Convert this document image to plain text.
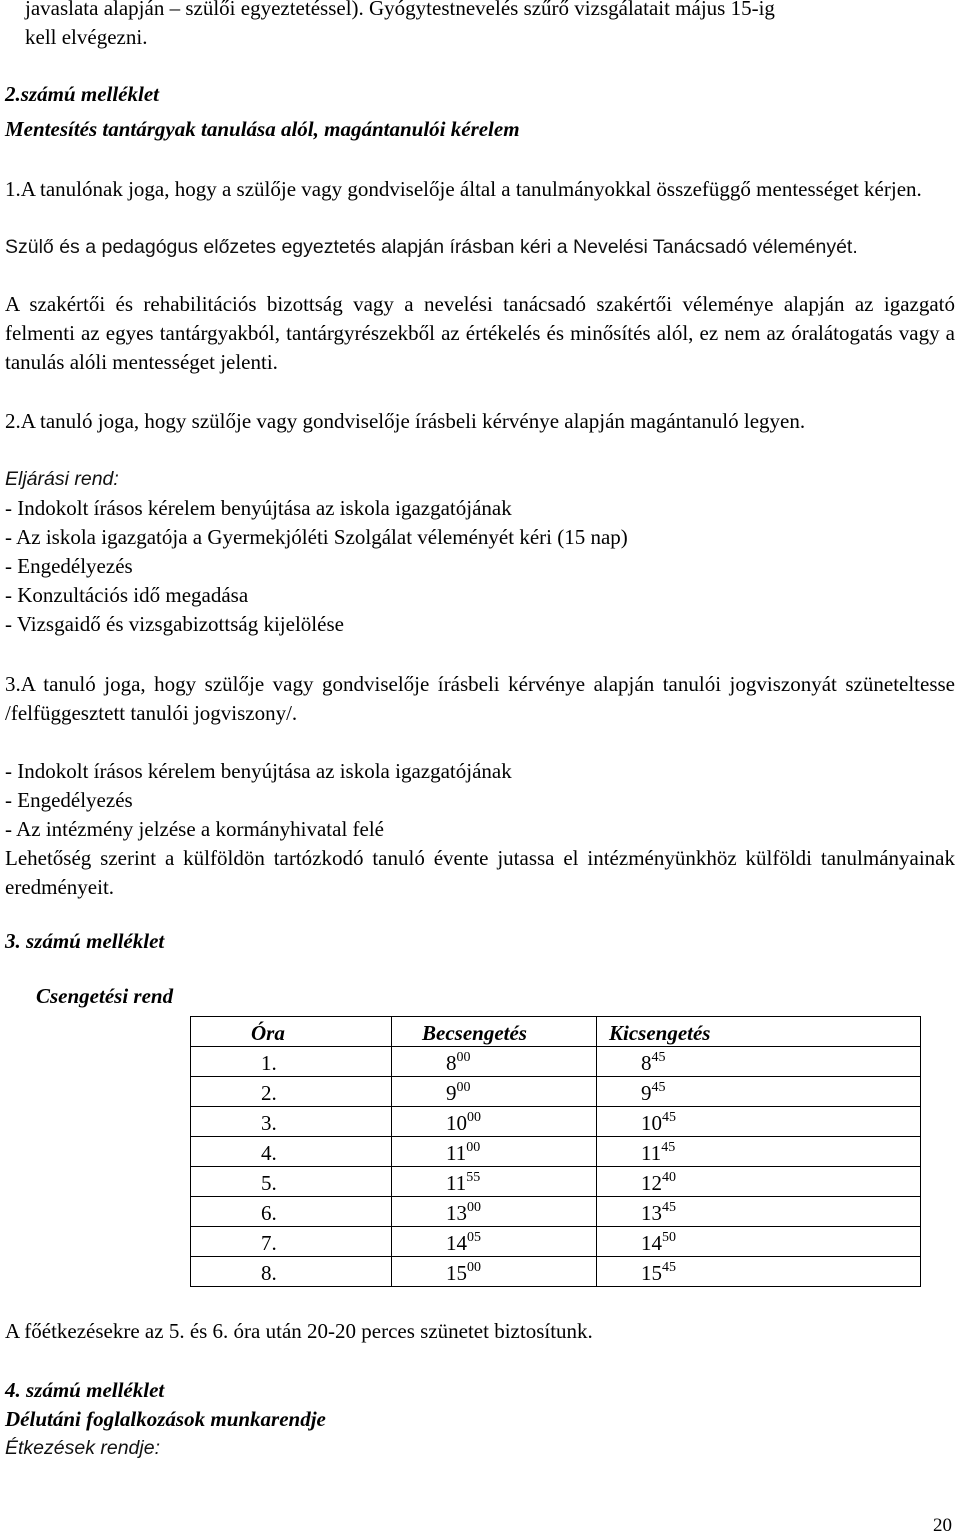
javaslata alapján – szülői egyeztetéssel). Gyógytestnevelés szűrő vizsgálatait május 15-ig
kell elvégezni.
2.számú melléklet
Mentesítés tantárgyak tanulása alól, magántanulói kérelem

1.A tanulónak joga, hogy a szülője vagy gondviselője által a tanulmányokkal összefüggő mentességet kérjen.

Szülő és a pedagógus előzetes egyeztetés alapján írásban kéri a Nevelési Tanácsadó véleményét.

A szakértői és rehabilitációs bizottság vagy a nevelési tanácsadó szakértői véleménye alapján az igazgató felmenti az egyes tantárgyakból, tantárgyrészekből az értékelés és minősítés alól, ez nem az óralátogatás vagy a tanulás alóli mentességet jelenti.

2.A tanuló joga, hogy szülője vagy gondviselője írásbeli kérvénye alapján magántanuló legyen.

Eljárási rend:
- Indokolt írásos kérelem benyújtása az iskola igazgatójának
- Az iskola igazgatója a Gyermekjóléti Szolgálat véleményét kéri (15 nap)
- Engedélyezés
- Konzultációs idő megadása
- Vizsgaidő és vizsgabizottság kijelölése

3.A tanuló joga, hogy szülője vagy gondviselője írásbeli kérvénye alapján tanulói jogviszonyát szüneteltesse /felfüggesztett tanulói jogviszony/.

- Indokolt írásos kérelem benyújtása az iskola igazgatójának
- Engedélyezés
- Az intézmény jelzése a kormányhivatal felé

Lehetőség szerint a külföldön tartózkodó tanuló évente jutassa el intézményünkhöz külföldi tanulmányainak eredményeit.

3. számú melléklet
Csengetési rend
Óra	Becsengetés	Kicsengetés
1.	$8^{00}$	$8^{45}$
2.	$9^{00}$	$9^{45}$
3.	$10^{00}$	$10^{45}$
4.	$11^{00}$	$11^{45}$
5.	$11^{55}$	$12^{40}$
6.	$13^{00}$	$13^{45}$
7.	$14^{05}$	$14^{50}$
8.	$15^{00}$	$15^{45}$
A főétkezésekre az 5. és 6. óra után 20-20 perces szünetet biztosítunk.
4. számú melléklet
Délutáni foglalkozások munkarendje
Étkezések rendje:
20
